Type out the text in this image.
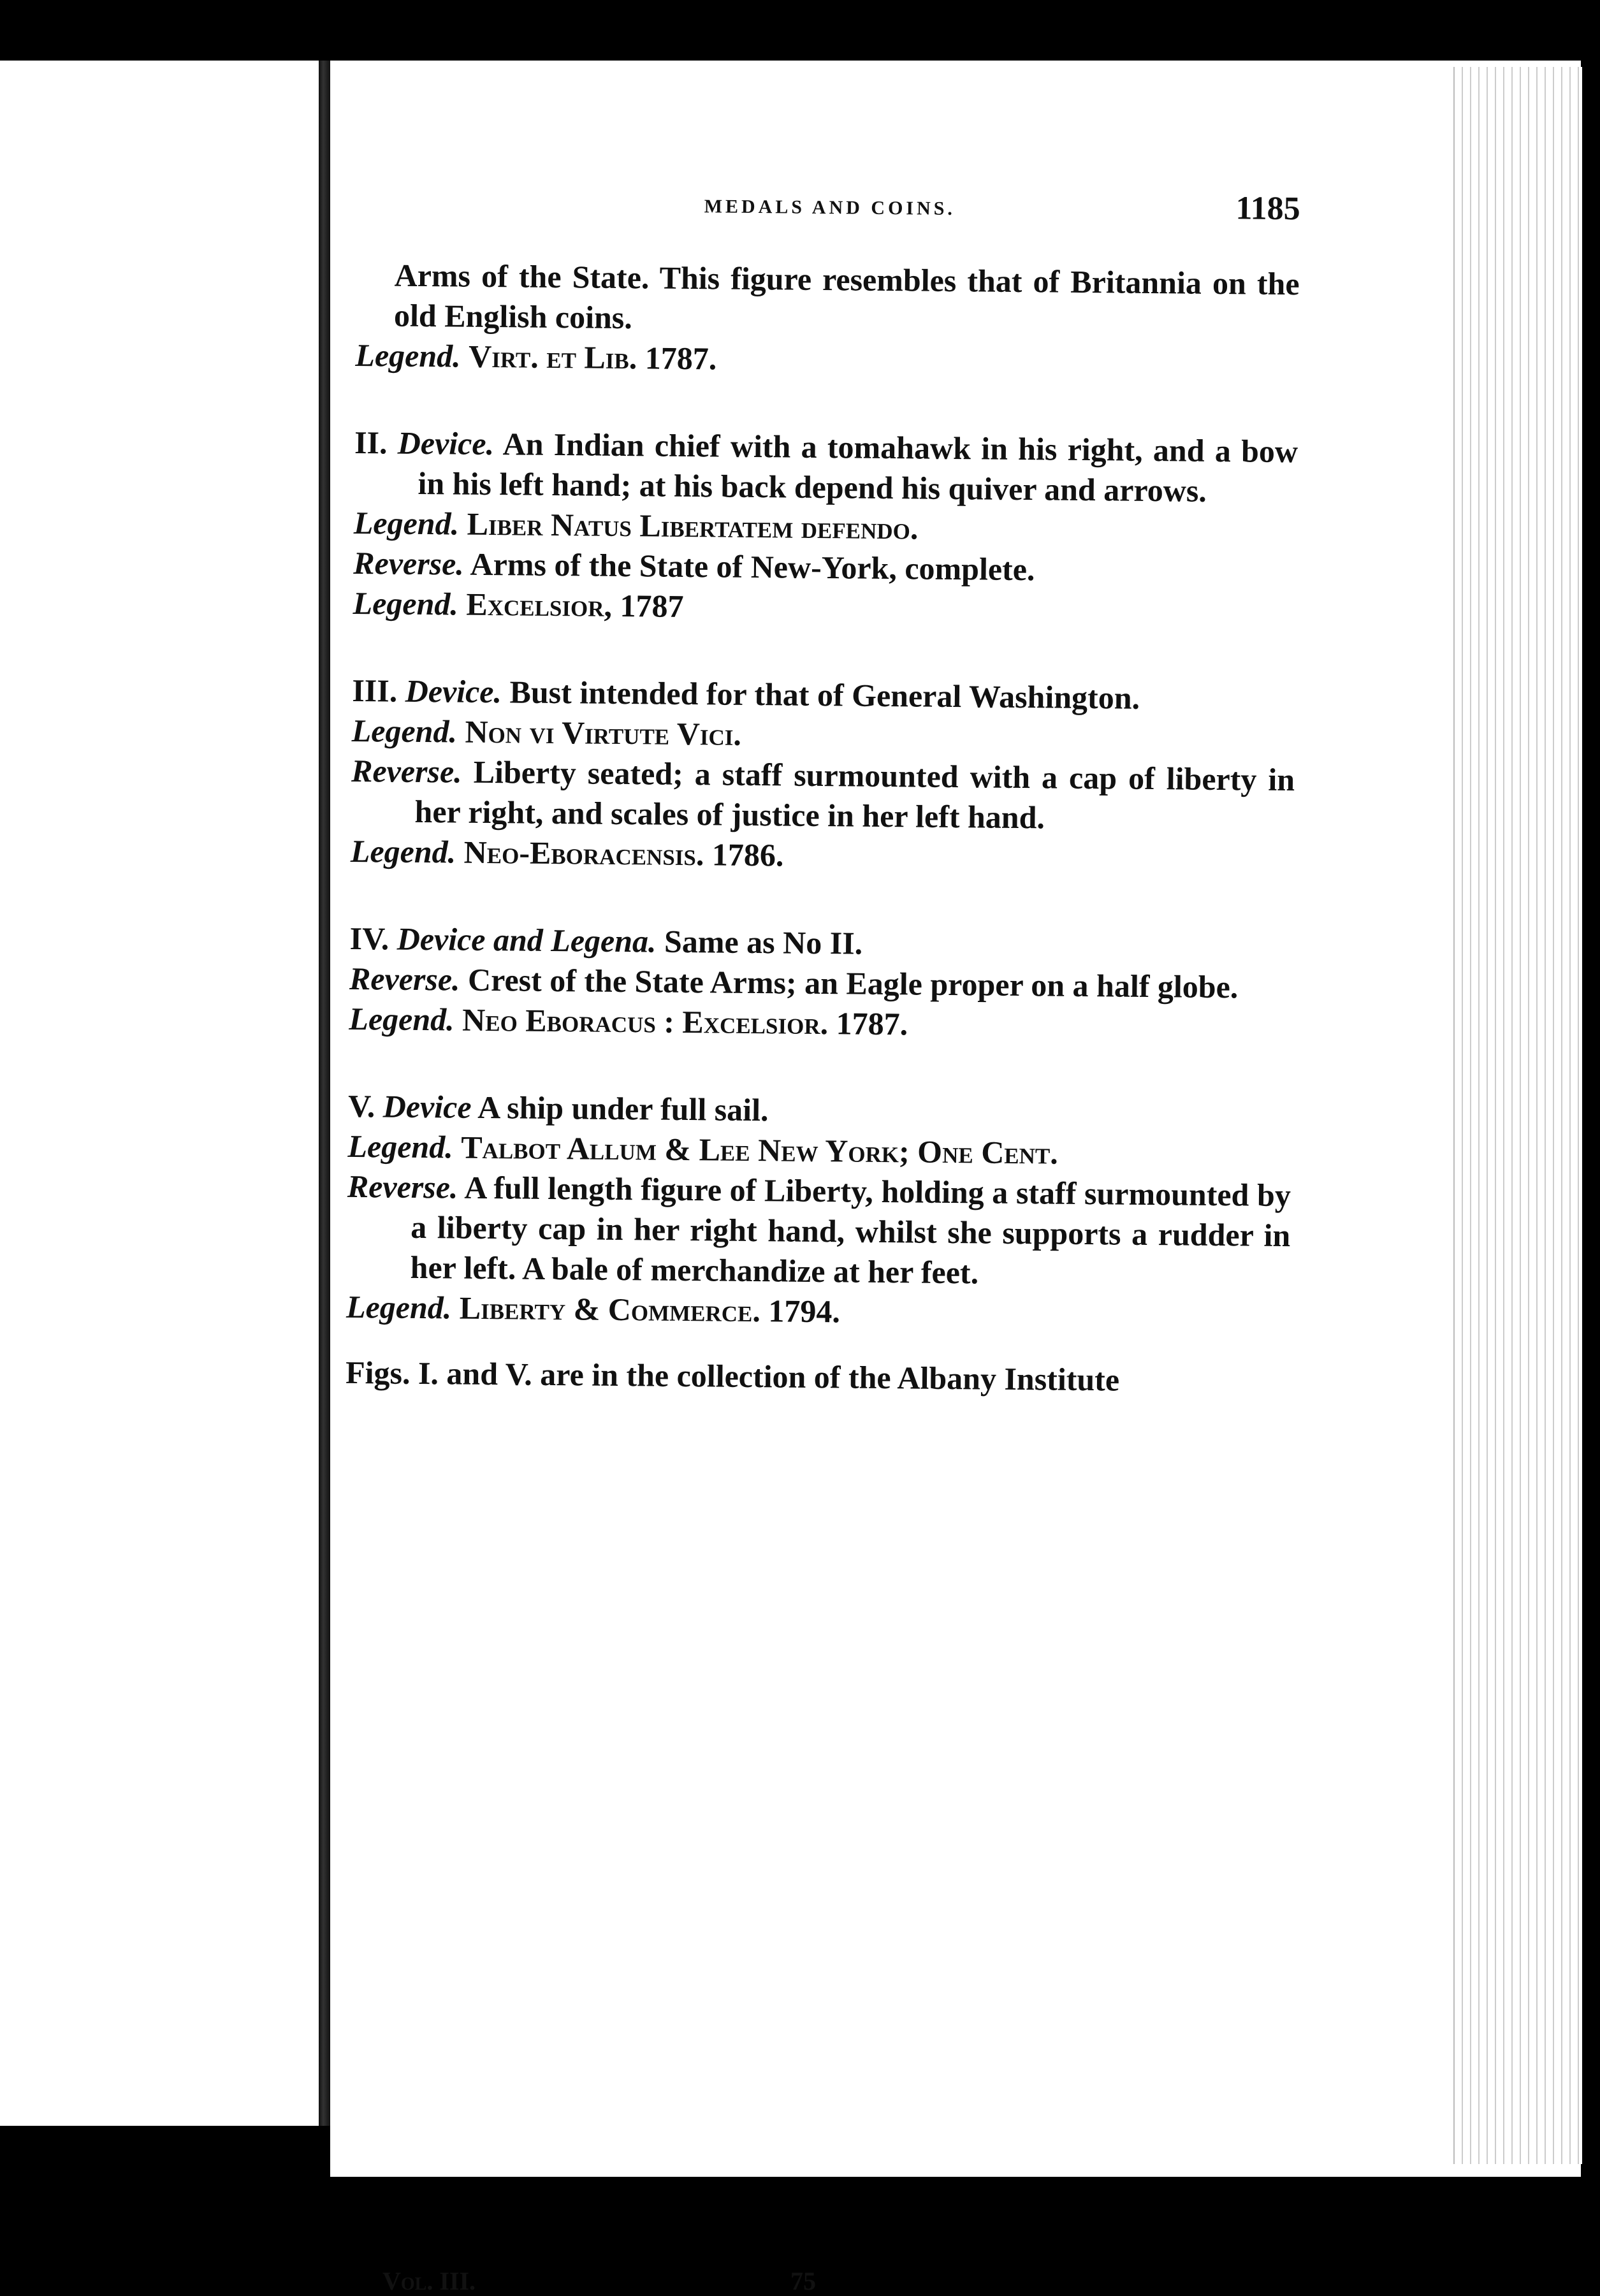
MEDALS AND COINS.	1185

Arms of the State. This figure resembles that of Britannia on the old English coins.

Legend. Virt. et Lib. 1787.

II. Device. An Indian chief with a tomahawk in his right, and a bow in his left hand; at his back depend his quiver and arrows.

Legend. Liber Natus Libertatem defendo.

Reverse. Arms of the State of New-York, complete.

Legend. Excelsior, 1787

III. Device. Bust intended for that of General Washington.

Legend. Non vi Virtute Vici.

Reverse. Liberty seated; a staff surmounted with a cap of liberty in her right, and scales of justice in her left hand.

Legend. Neo-Eboracensis. 1786.

IV. Device and Legena. Same as No II.

Reverse. Crest of the State Arms; an Eagle proper on a half globe.

Legend. Neo Eboracus : Excelsior. 1787.

V. Device A ship under full sail.

Legend. Talbot Allum & Lee New York; One Cent.

Reverse. A full length figure of Liberty, holding a staff surmounted by a liberty cap in her right hand, whilst she supports a rudder in her left. A bale of merchandize at her feet.

Legend. Liberty & Commerce. 1794.

Figs. I. and V. are in the collection of the Albany Institute

Vol. III.	75
